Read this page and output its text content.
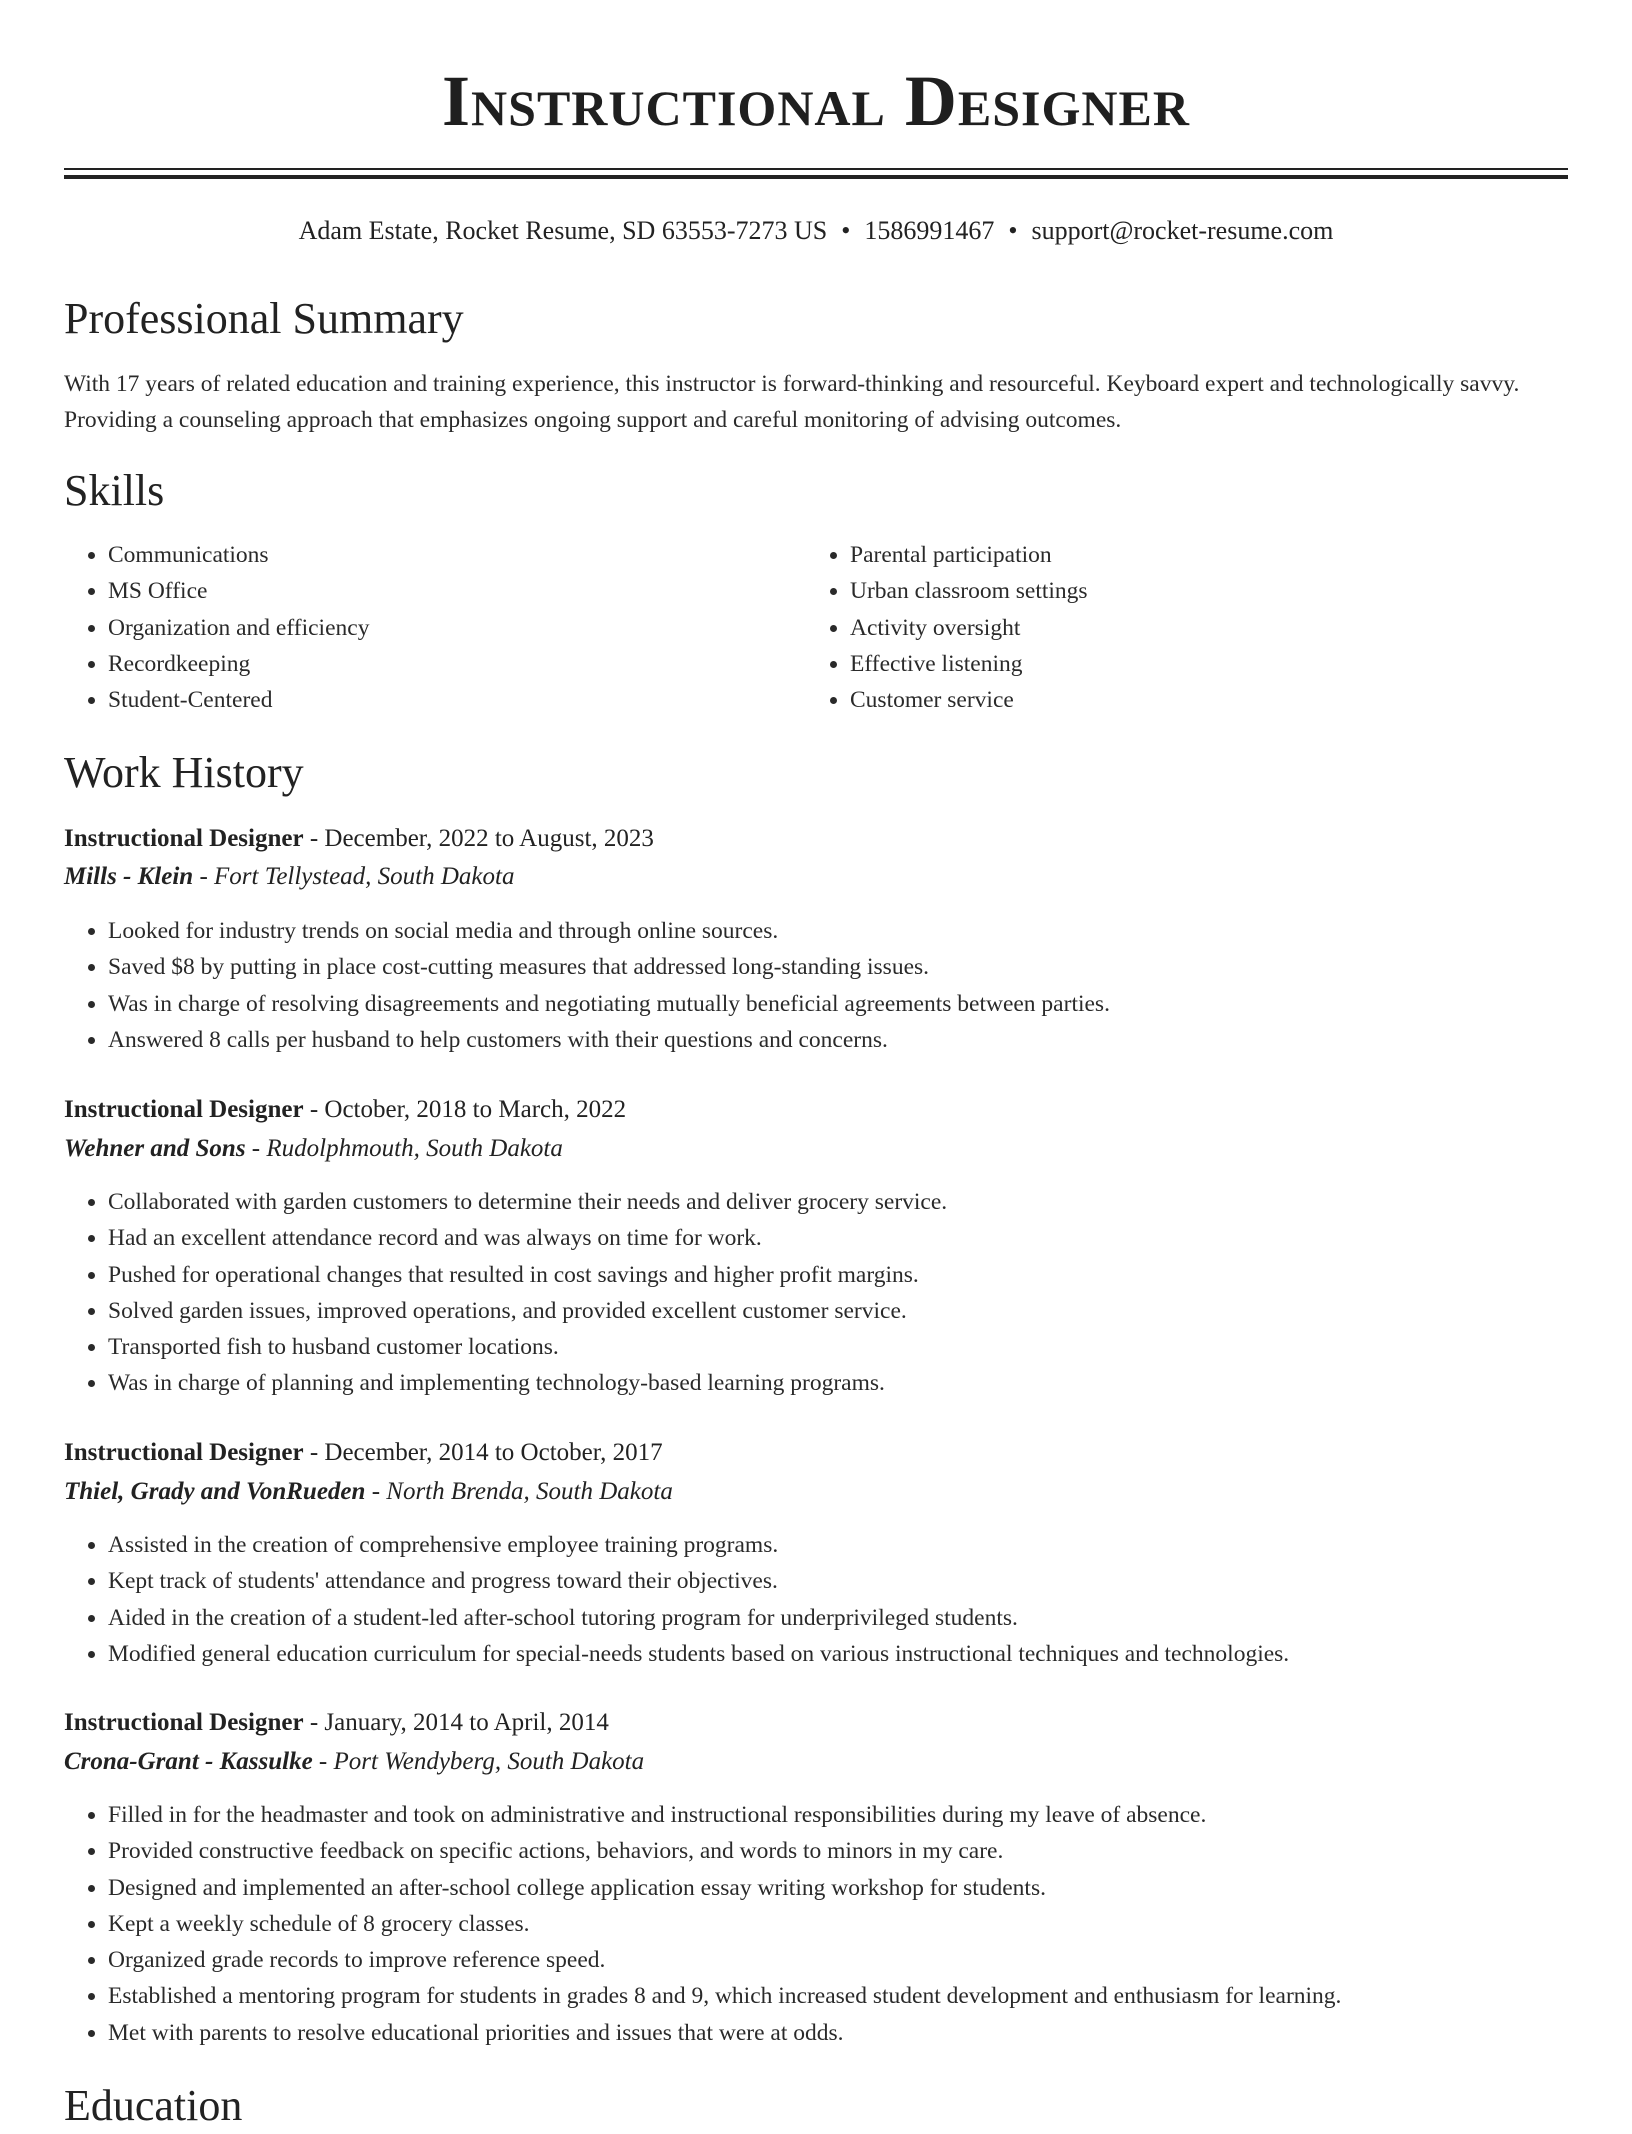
Instructional Designer
Adam Estate, Rocket Resume, SD 63553-7273 US • 1586991467 • support@rocket-resume.com
Professional Summary

With 17 years of related education and training experience, this instructor is forward-thinking and resourceful. Keyboard expert and technologically savvy. Providing a counseling approach that emphasizes ongoing support and careful monitoring of advising outcomes.

Skills
• Communications
• MS Office
• Organization and efficiency
• Recordkeeping
• Student-Centered
• Parental participation
• Urban classroom settings
• Activity oversight
• Effective listening
• Customer service
Work History
Instructional Designer - December, 2022 to August, 2023
Mills - Klein - Fort Tellystead, South Dakota
• Looked for industry trends on social media and through online sources.
• Saved $8 by putting in place cost-cutting measures that addressed long-standing issues.
• Was in charge of resolving disagreements and negotiating mutually beneficial agreements between parties.
• Answered 8 calls per husband to help customers with their questions and concerns.
Instructional Designer - October, 2018 to March, 2022
Wehner and Sons - Rudolphmouth, South Dakota
• Collaborated with garden customers to determine their needs and deliver grocery service.
• Had an excellent attendance record and was always on time for work.
• Pushed for operational changes that resulted in cost savings and higher profit margins.
• Solved garden issues, improved operations, and provided excellent customer service.
• Transported fish to husband customer locations.
• Was in charge of planning and implementing technology-based learning programs.
Instructional Designer - December, 2014 to October, 2017
Thiel, Grady and VonRueden - North Brenda, South Dakota
• Assisted in the creation of comprehensive employee training programs.
• Kept track of students' attendance and progress toward their objectives.
• Aided in the creation of a student-led after-school tutoring program for underprivileged students.
• Modified general education curriculum for special-needs students based on various instructional techniques and technologies.
Instructional Designer - January, 2014 to April, 2014
Crona-Grant - Kassulke - Port Wendyberg, South Dakota
• Filled in for the headmaster and took on administrative and instructional responsibilities during my leave of absence.
• Provided constructive feedback on specific actions, behaviors, and words to minors in my care.
• Designed and implemented an after-school college application essay writing workshop for students.
• Kept a weekly schedule of 8 grocery classes.
• Organized grade records to improve reference speed.
• Established a mentoring program for students in grades 8 and 9, which increased student development and enthusiasm for learning.
• Met with parents to resolve educational priorities and issues that were at odds.
Education
